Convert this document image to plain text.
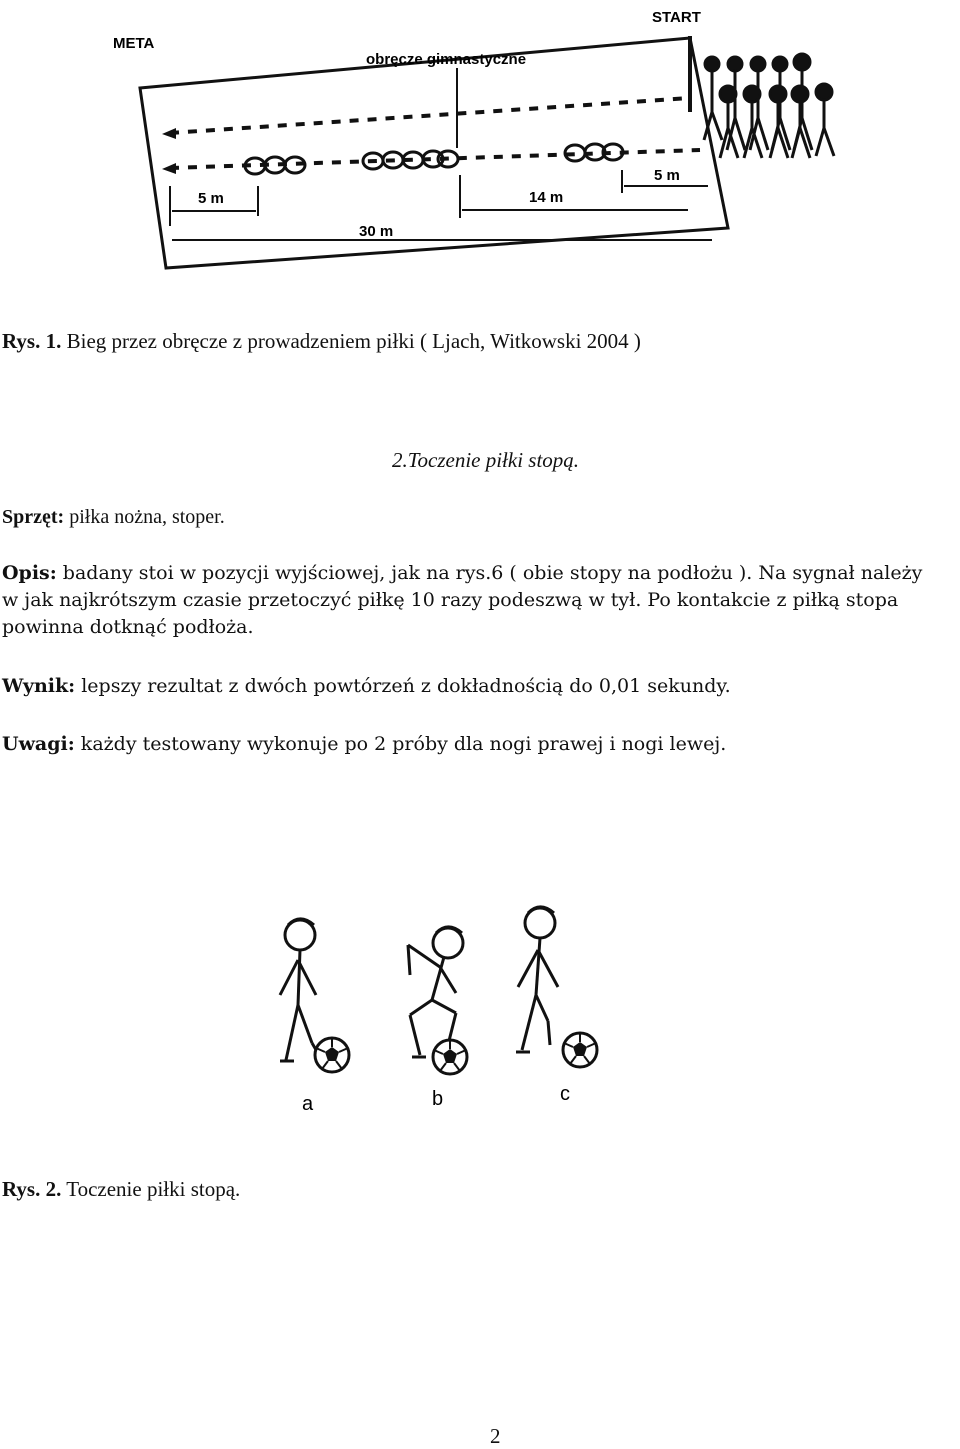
META
START
obręcze gimnastyczne
5 m	14 m
5 m
30 m
Rys. 1. Bieg przez obręcze z prowadzeniem piłki ( Ljach, Witkowski 2004 )
2.Toczenie piłki stopą.
Sprzęt: piłka nożna, stoper.
Opis: badany stoi w pozycji wyjściowej, jak na rys.6 ( obie stopy na podłożu ). Na sygnał należy
w jak najkrótszym czasie przetoczyć piłkę 10 razy podeszwą w tył. Po kontakcie z piłką stopa
powinna dotknąć podłoża.
Wynik: lepszy rezultat z dwóch powtórzeń z dokładnością do 0,01 sekundy.
Uwagi: każdy testowany wykonuje po 2 próby dla nogi prawej i nogi lewej.
a	b	c
Rys. 2. Toczenie piłki stopą.
2
